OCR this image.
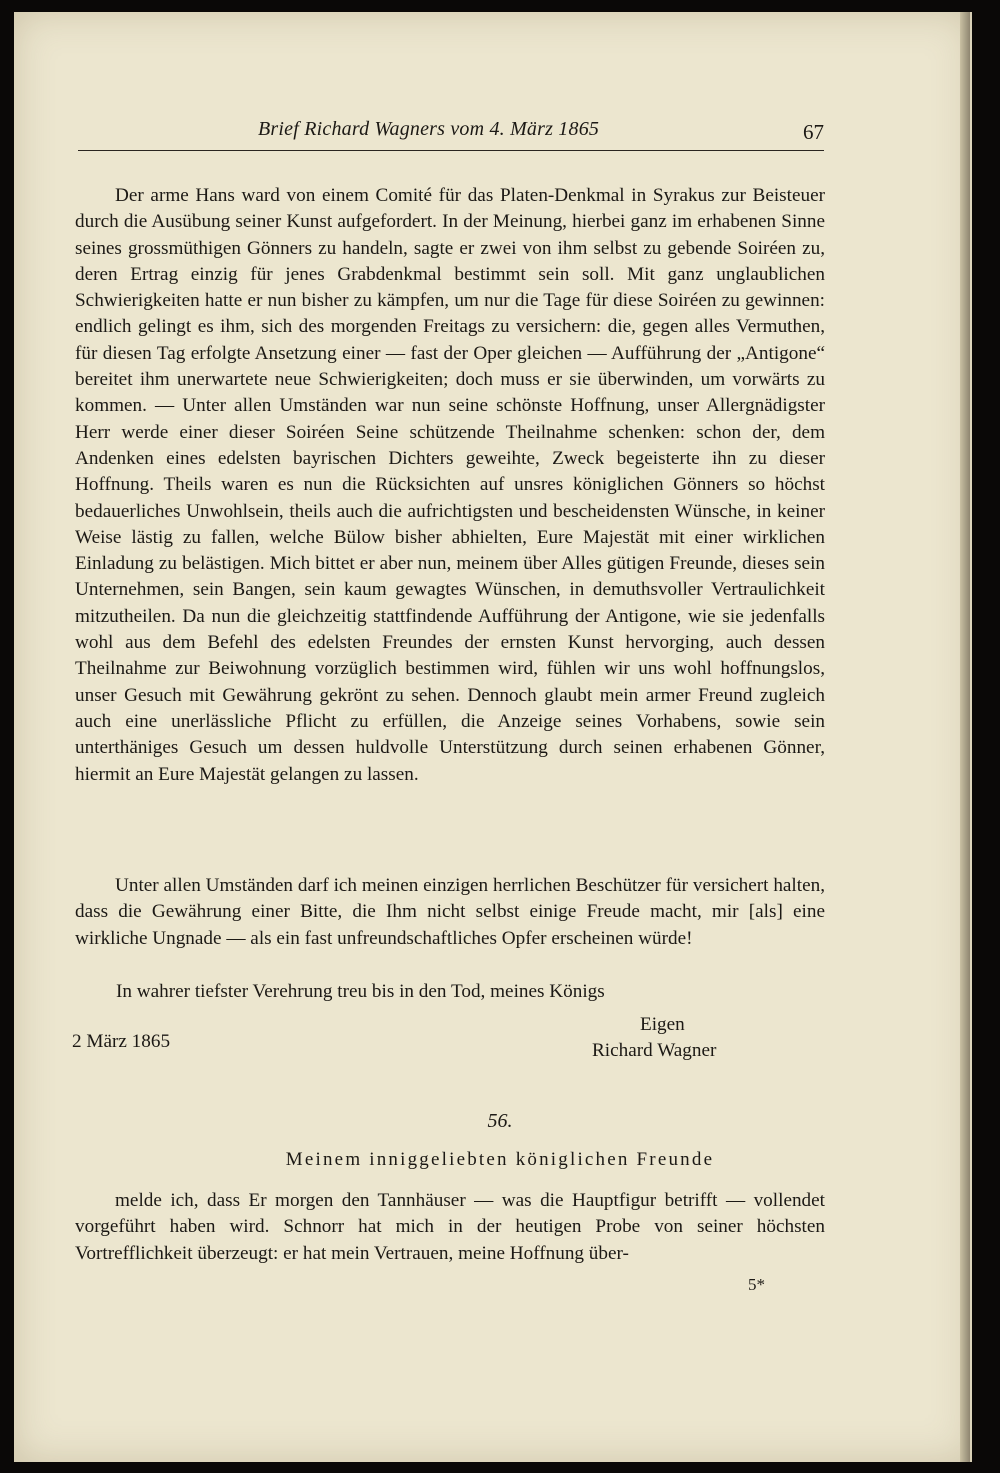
Brief Richard Wagners vom 4. März 1865	67

Der arme Hans ward von einem Comité für das Platen-Denkmal in Syrakus zur Beisteuer durch die Ausübung seiner Kunst aufgefordert. In der Meinung, hierbei ganz im erhabenen Sinne seines grossmüthigen Gönners zu handeln, sagte er zwei von ihm selbst zu gebende Soiréen zu, deren Ertrag einzig für jenes Grabdenkmal bestimmt sein soll. Mit ganz unglaublichen Schwierigkeiten hatte er nun bisher zu kämpfen, um nur die Tage für diese Soiréen zu gewinnen: endlich gelingt es ihm, sich des morgenden Freitags zu versichern: die, gegen alles Vermuthen, für diesen Tag erfolgte Ansetzung einer — fast der Oper gleichen — Aufführung der „Antigone“ bereitet ihm unerwartete neue Schwierigkeiten; doch muss er sie überwinden, um vorwärts zu kommen. — Unter allen Umständen war nun seine schönste Hoffnung, unser Allergnädigster Herr werde einer dieser Soiréen Seine schützende Theilnahme schenken: schon der, dem Andenken eines edelsten bayrischen Dichters geweihte, Zweck begeisterte ihn zu dieser Hoffnung. Theils waren es nun die Rücksichten auf unsres königlichen Gönners so höchst bedauerliches Unwohlsein, theils auch die aufrichtigsten und bescheidensten Wünsche, in keiner Weise lästig zu fallen, welche Bülow bisher abhielten, Eure Majestät mit einer wirklichen Einladung zu belästigen. Mich bittet er aber nun, meinem über Alles gütigen Freunde, dieses sein Unternehmen, sein Bangen, sein kaum gewagtes Wünschen, in demuthsvoller Vertraulichkeit mitzutheilen. Da nun die gleichzeitig stattfindende Aufführung der Antigone, wie sie jedenfalls wohl aus dem Befehl des edelsten Freundes der ernsten Kunst hervorging, auch dessen Theilnahme zur Beiwohnung vorzüglich bestimmen wird, fühlen wir uns wohl hoffnungslos, unser Gesuch mit Gewährung gekrönt zu sehen. Dennoch glaubt mein armer Freund zugleich auch eine unerlässliche Pflicht zu erfüllen, die Anzeige seines Vorhabens, sowie sein unterthäniges Gesuch um dessen huldvolle Unterstützung durch seinen erhabenen Gönner, hiermit an Eure Majestät gelangen zu lassen.

Unter allen Umständen darf ich meinen einzigen herrlichen Beschützer für versichert halten, dass die Gewährung einer Bitte, die Ihm nicht selbst einige Freude macht, mir [als] eine wirkliche Ungnade — als ein fast unfreundschaftliches Opfer erscheinen würde!

In wahrer tiefster Verehrung treu bis in den Tod, meines Königs
2 März 1865
Eigen
Richard Wagner
56.
Meinem inniggeliebten königlichen Freunde

melde ich, dass Er morgen den Tannhäuser — was die Hauptfigur betrifft — vollendet vorgeführt haben wird. Schnorr hat mich in der heutigen Probe von seiner höchsten Vortrefflichkeit überzeugt: er hat mein Vertrauen, meine Hoffnung über-

5*
